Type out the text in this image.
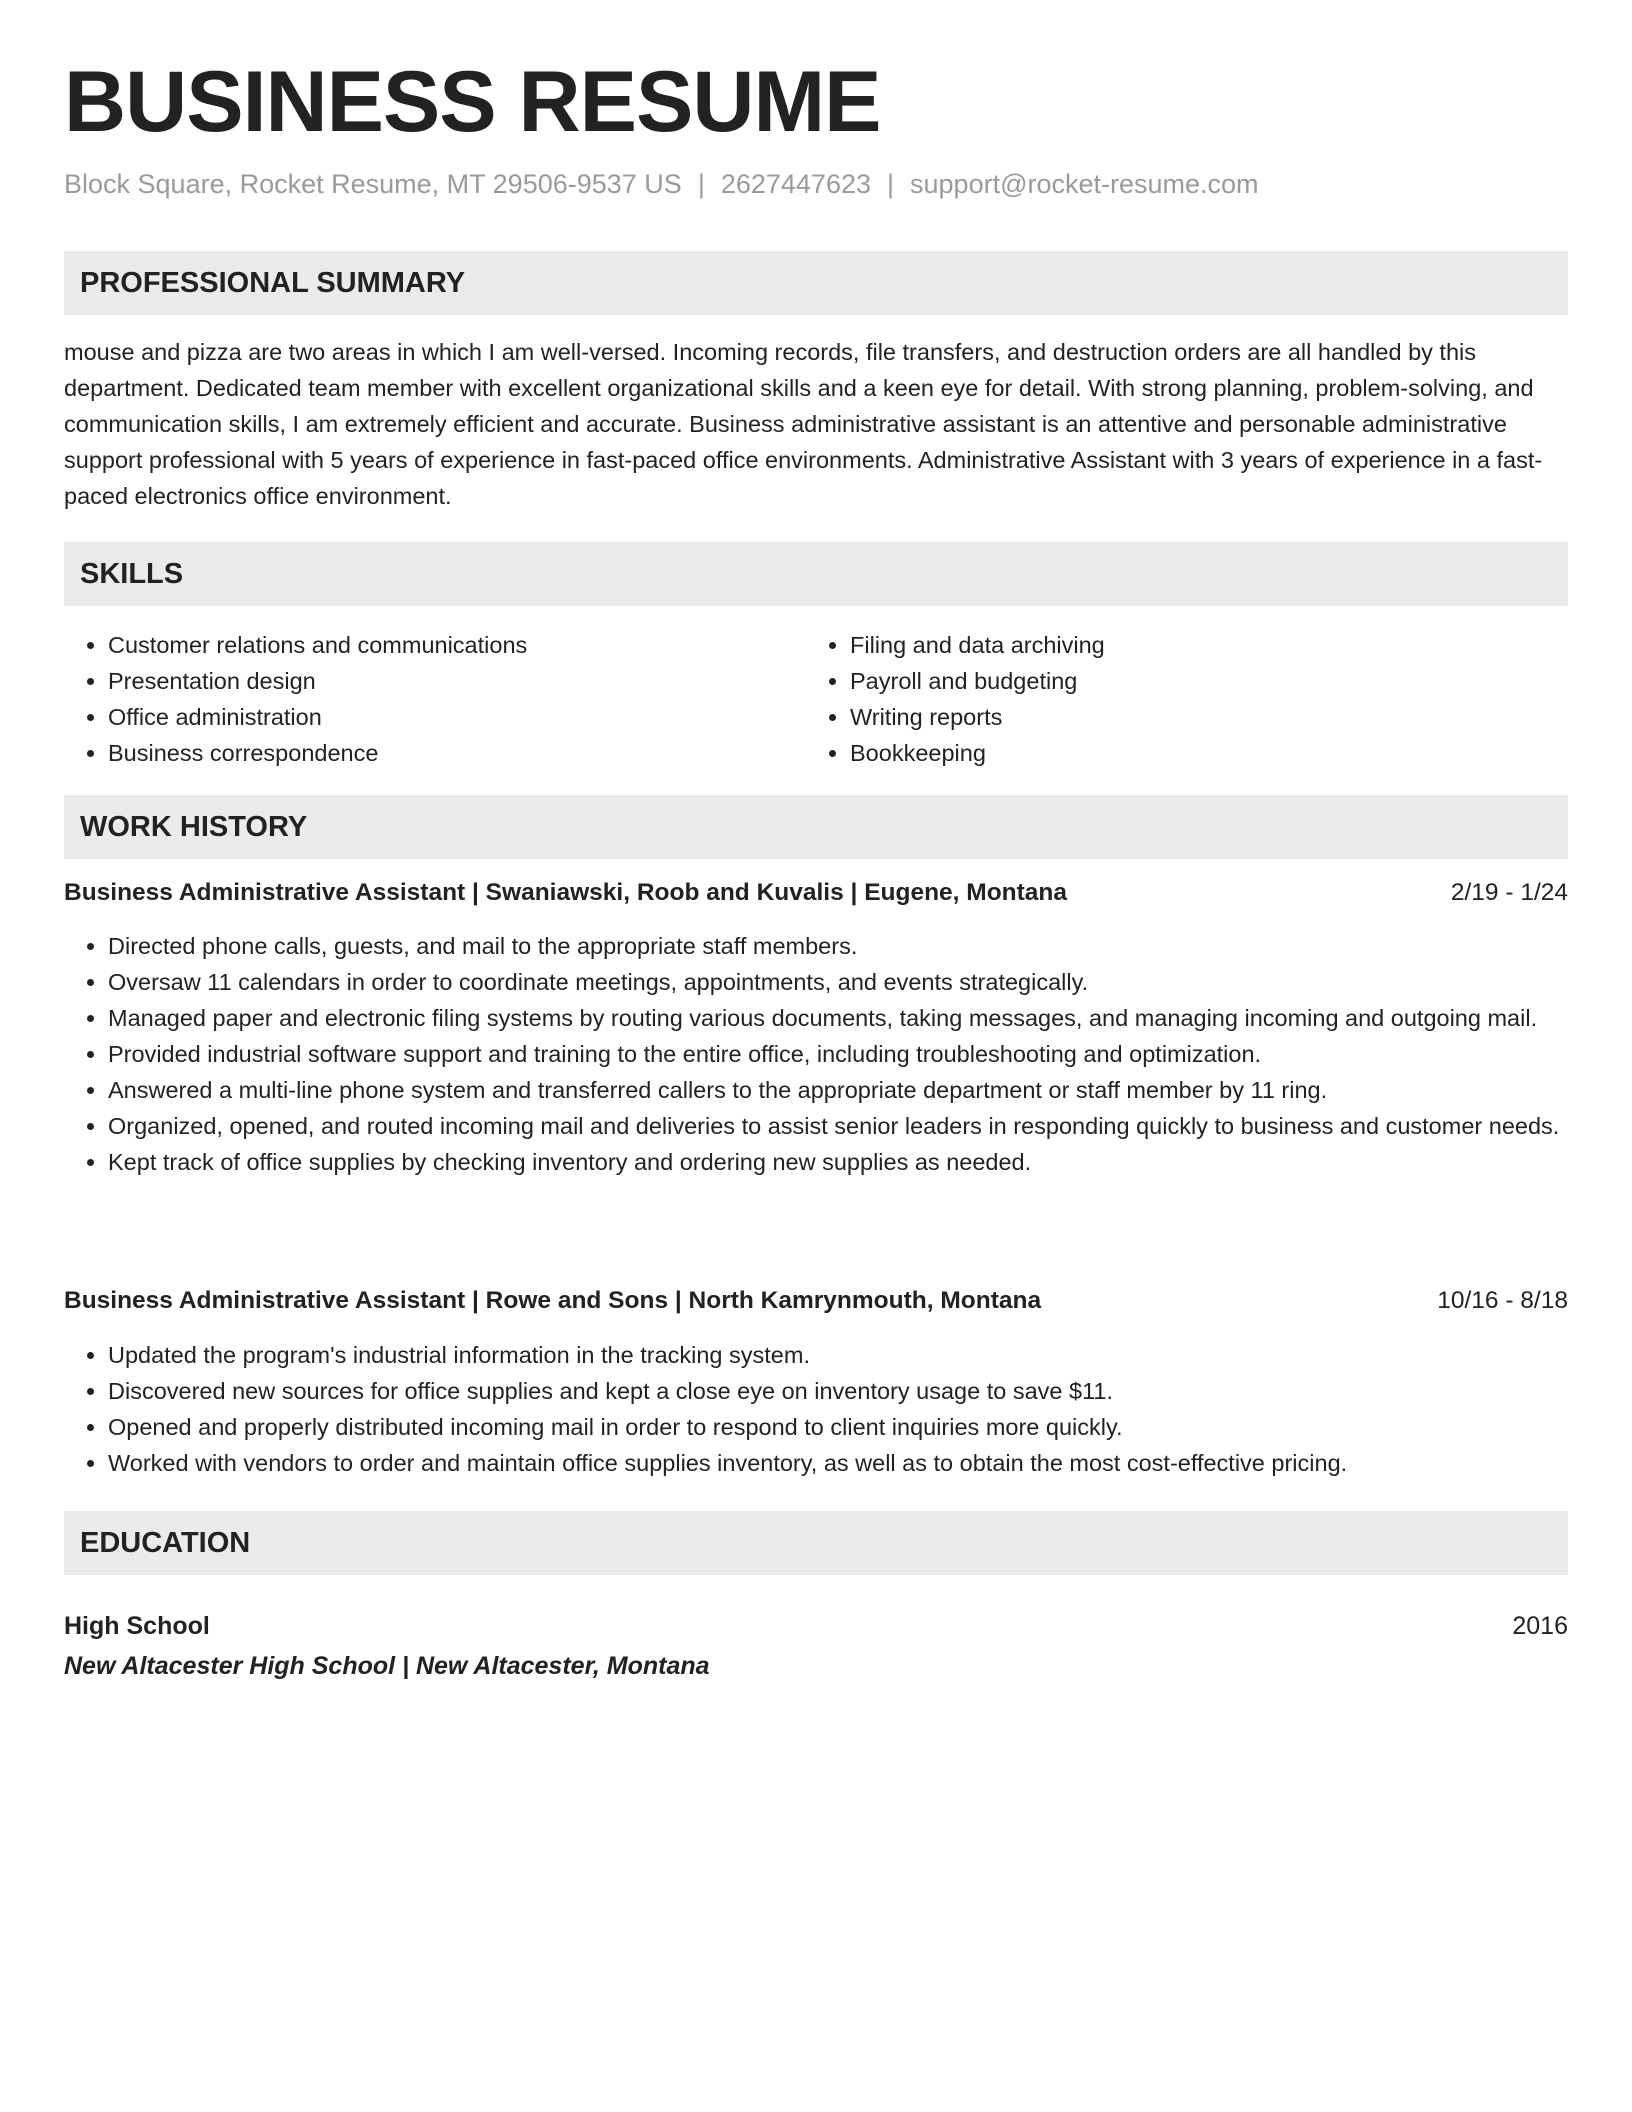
BUSINESS RESUME
Block Square, Rocket Resume, MT 29506-9537 US | 2627447623 | support@rocket-resume.com
PROFESSIONAL SUMMARY

mouse and pizza are two areas in which I am well-versed. Incoming records, file transfers, and destruction orders are all handled by this department. Dedicated team member with excellent organizational skills and a keen eye for detail. With strong planning, problem-solving, and communication skills, I am extremely efficient and accurate. Business administrative assistant is an attentive and personable administrative support professional with 5 years of experience in fast-paced office environments. Administrative Assistant with 3 years of experience in a fast-paced electronics office environment.

SKILLS
• Customer relations and communications
• Presentation design
• Office administration
• Business correspondence
• Filing and data archiving
• Payroll and budgeting
• Writing reports
• Bookkeeping
WORK HISTORY
Business Administrative Assistant | Swaniawski, Roob and Kuvalis | Eugene, Montana	2/19 - 1/24
• Directed phone calls, guests, and mail to the appropriate staff members.
• Oversaw 11 calendars in order to coordinate meetings, appointments, and events strategically.
• Managed paper and electronic filing systems by routing various documents, taking messages, and managing incoming and outgoing mail.
• Provided industrial software support and training to the entire office, including troubleshooting and optimization.
• Answered a multi-line phone system and transferred callers to the appropriate department or staff member by 11 ring.
• Organized, opened, and routed incoming mail and deliveries to assist senior leaders in responding quickly to business and customer needs.
• Kept track of office supplies by checking inventory and ordering new supplies as needed.
Business Administrative Assistant | Rowe and Sons | North Kamrynmouth, Montana	10/16 - 8/18
• Updated the program's industrial information in the tracking system.
• Discovered new sources for office supplies and kept a close eye on inventory usage to save $11.
• Opened and properly distributed incoming mail in order to respond to client inquiries more quickly.
• Worked with vendors to order and maintain office supplies inventory, as well as to obtain the most cost-effective pricing.
EDUCATION
High School	2016
New Altacester High School | New Altacester, Montana
